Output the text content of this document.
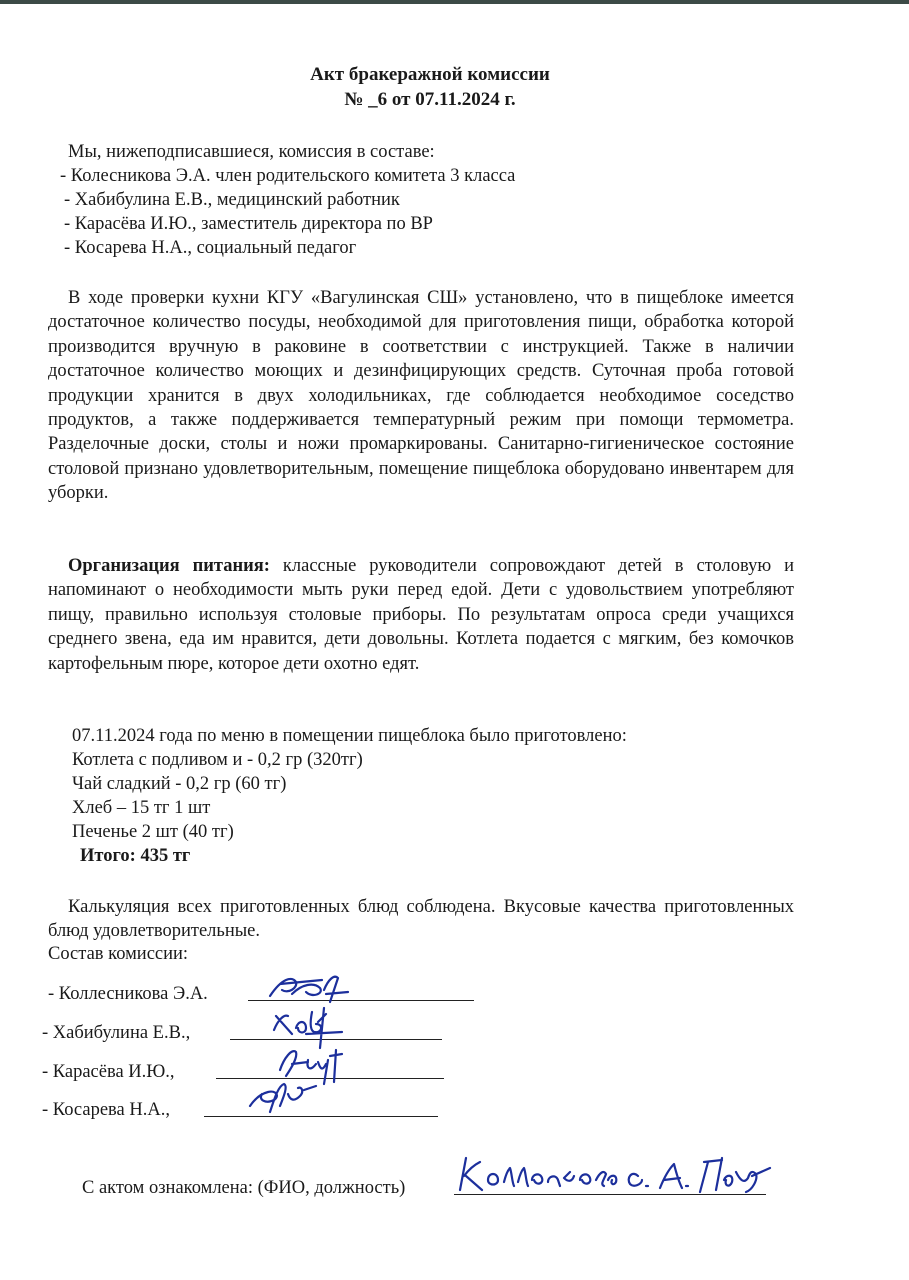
Акт бракеражной комиссии
№ _6 от 07.11.2024 г.
Мы, нижеподписавшиеся, комиссия в составе:
- Колесникова Э.А. член родительского комитета 3 класса
- Хабибулина Е.В., медицинский работник
- Карасёва И.Ю., заместитель директора по ВР
- Косарева Н.А., социальный педагог
В ходе проверки кухни КГУ «Вагулинская СШ» установлено, что в пищеблоке имеется достаточное количество посуды, необходимой для приготовления пищи, обработка которой производится вручную в раковине в соответствии с инструкцией. Также в наличии достаточное количество моющих и дезинфицирующих средств. Суточная проба готовой продукции хранится в двух холодильниках, где соблюдается необходимое соседство продуктов, а также поддерживается температурный режим при помощи термометра. Разделочные доски, столы и ножи промаркированы. Санитарно-гигиеническое состояние столовой признано удовлетворительным, помещение пищеблока оборудовано инвентарем для уборки.
Организация питания: классные руководители сопровождают детей в столовую и напоминают о необходимости мыть руки перед едой. Дети с удовольствием употребляют пищу, правильно используя столовые приборы. По результатам опроса среди учащихся среднего звена, еда им нравится, дети довольны. Котлета подается с мягким, без комочков картофельным пюре, которое дети охотно едят.
07.11.2024 года по меню в помещении пищеблока было приготовлено:
Котлета с подливом и - 0,2 гр (320тг)
Чай сладкий - 0,2 гр (60 тг)
Хлеб – 15 тг 1 шт
Печенье 2 шт (40 тг)
Итого: 435 тг
Калькуляция всех приготовленных блюд соблюдена. Вкусовые качества приготовленных блюд удовлетворительные.
Состав комиссии:
- Коллесникова Э.А.
- Хабибулина Е.В.,
- Карасёва И.Ю.,
- Косарева Н.А.,
С актом ознакомлена: (ФИО, должность)
